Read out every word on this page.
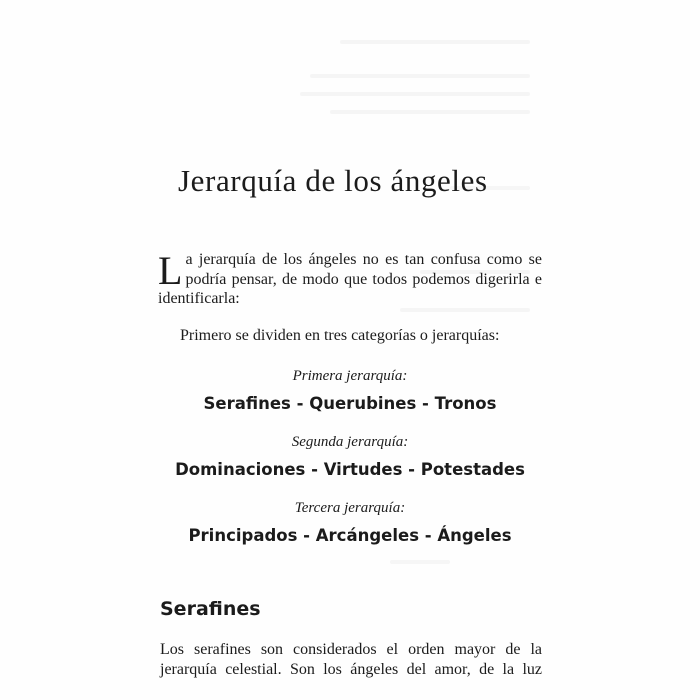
Jerarquía de los ángeles
L a jerarquía de los ángeles no es tan confusa como se podría pensar, de modo que todos podemos digerirla e identificarla:
Primero se dividen en tres categorías o jerarquías:
Primera jerarquía:
Serafines - Querubines - Tronos
Segunda jerarquía:
Dominaciones - Virtudes - Potestades
Tercera jerarquía:
Principados - Arcángeles - Ángeles
Serafines

Los serafines son considerados el orden mayor de la jerarquía celestial. Son los ángeles del amor, de la luz
